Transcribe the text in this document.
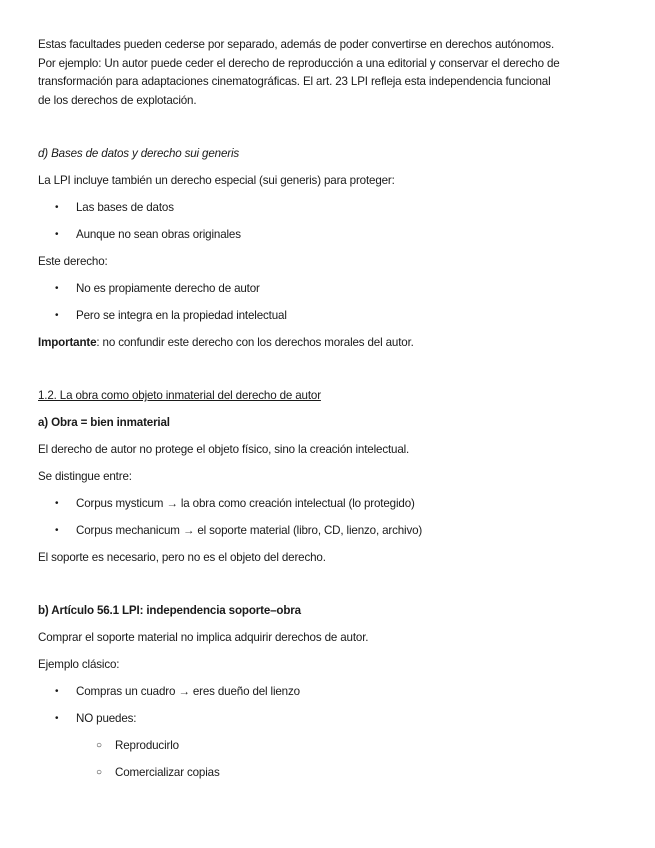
Estas facultades pueden cederse por separado, además de poder convertirse en derechos autónomos.

Por ejemplo: Un autor puede ceder el derecho de reproducción a una editorial y conservar el derecho de

transformación para adaptaciones cinematográficas. El art. 23 LPI refleja esta independencia funcional

de los derechos de explotación.

d) Bases de datos y derecho sui generis

La LPI incluye también un derecho especial (sui generis) para proteger:

• Las bases de datos
• Aunque no sean obras originales

Este derecho:

• No es propiamente derecho de autor
• Pero se integra en la propiedad intelectual

Importante: no confundir este derecho con los derechos morales del autor.

1.2. La obra como objeto inmaterial del derecho de autor

a) Obra = bien inmaterial

El derecho de autor no protege el objeto físico, sino la creación intelectual.

Se distingue entre:

• Corpus mysticum → la obra como creación intelectual (lo protegido)
• Corpus mechanicum → el soporte material (libro, CD, lienzo, archivo)

El soporte es necesario, pero no es el objeto del derecho.

b) Artículo 56.1 LPI: independencia soporte–obra

Comprar el soporte material no implica adquirir derechos de autor.

Ejemplo clásico:

• Compras un cuadro → eres dueño del lienzo
• NO puedes:
○ Reproducirlo
○ Comercializar copias
